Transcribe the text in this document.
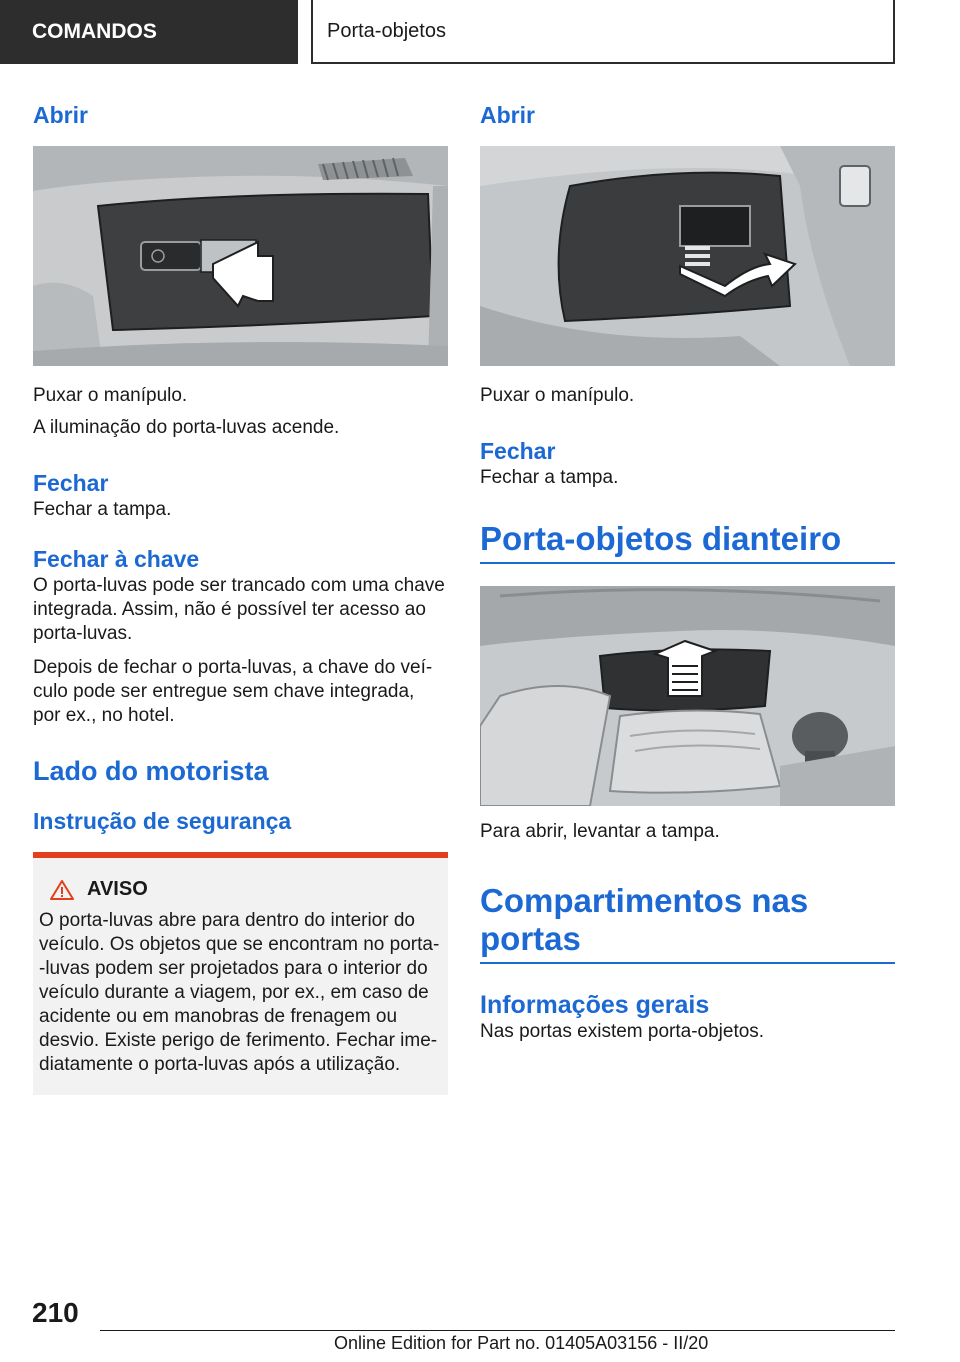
COMANDOS	Porta-objetos
Abrir

Puxar o manípulo.

A iluminação do porta-luvas acende.

Fechar

Fechar a tampa.

Fechar à chave

O porta-luvas pode ser trancado com uma chave

integrada. Assim, não é possível ter acesso ao

porta-luvas.

Depois de fechar o porta-luvas, a chave do veí-

culo pode ser entregue sem chave integrada,

por ex., no hotel.

Lado do motorista
Instrução de segurança
AVISO

O porta-luvas abre para dentro do interior do

veículo. Os objetos que se encontram no porta-

-luvas podem ser projetados para o interior do

veículo durante a viagem, por ex., em caso de

acidente ou em manobras de frenagem ou

desvio. Existe perigo de ferimento. Fechar ime-

diatamente o porta-luvas após a utilização.

Abrir

Puxar o manípulo.

Fechar

Fechar a tampa.

Porta-objetos dianteiro

Para abrir, levantar a tampa.

Compartimentos nas
portas
Informações gerais

Nas portas existem porta-objetos.

210
Online Edition for Part no. 01405A03156 - II/20
